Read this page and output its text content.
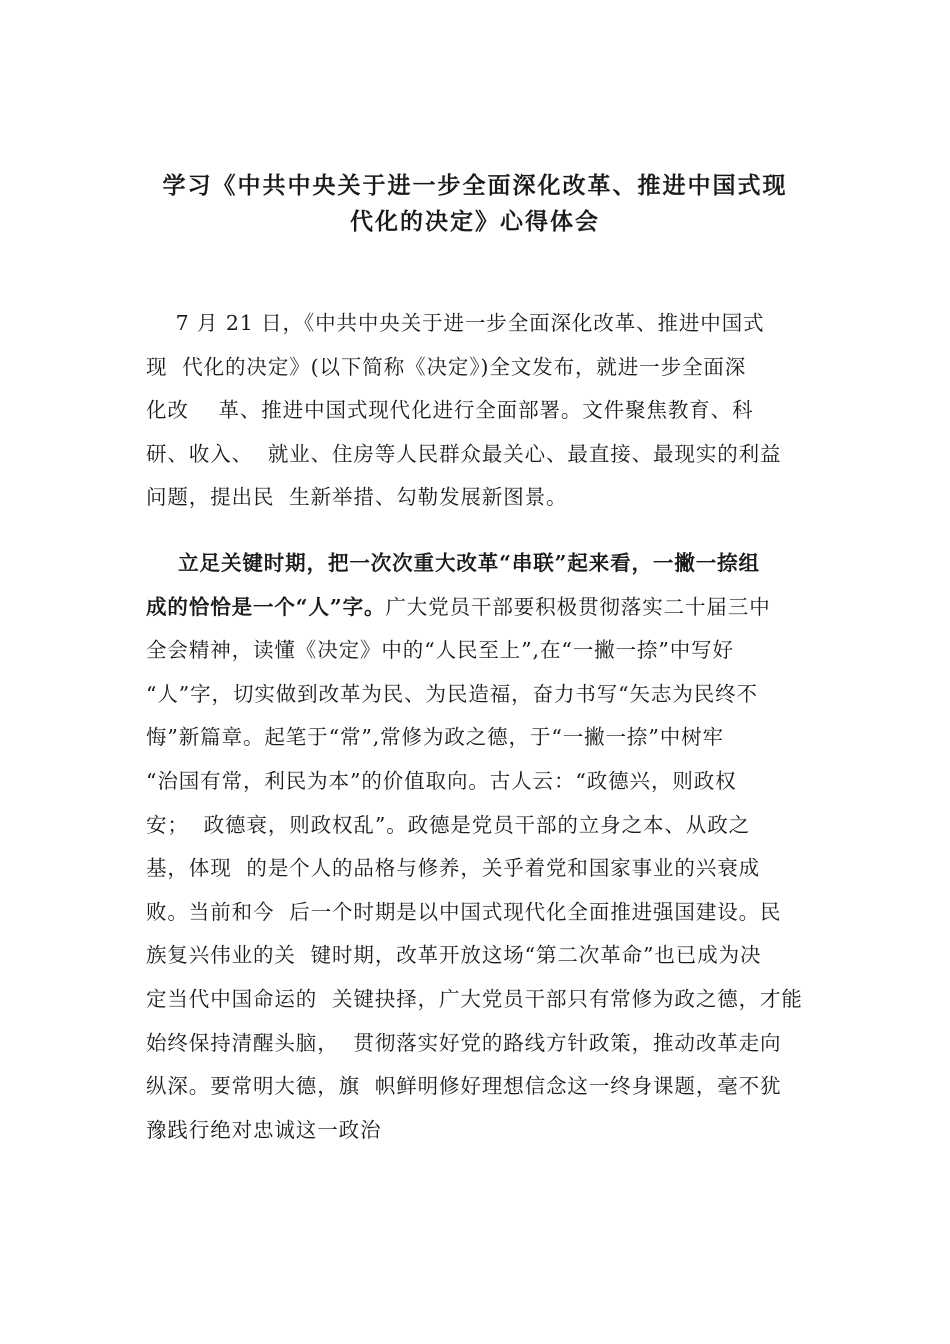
学习《中共中央关于进一步全面深化改革、推进中国式现
代化的决定》心得体会
7 月 21 日，《中共中央关于进一步全面深化改革、推进中国式
现  代化的决定》(以下简称《决定》)全文发布，就进一步全面深
化改    革、推进中国式现代化进行全面部署。文件聚焦教育、科
研、收入、  就业、住房等人民群众最关心、最直接、最现实的利益
问题，提出民  生新举措、勾勒发展新图景。
立足关键时期，把一次次重大改革“串联”起来看，一撇一捺组
成的恰恰是一个“人”字。广大党员干部要积极贯彻落实二十届三中
全会精神，读懂《决定》中的“人民至上”,在“一撇一捺”中写好
“人”字，切实做到改革为民、为民造福，奋力书写“矢志为民终不
悔”新篇章。起笔于“常”,常修为政之德，于“一撇一捺”中树牢
“治国有常，利民为本”的价值取向。古人云：“政德兴，则政权
安；  政德衰，则政权乱”。政德是党员干部的立身之本、从政之
基，体现  的是个人的品格与修养，关乎着党和国家事业的兴衰成
败。当前和今  后一个时期是以中国式现代化全面推进强国建设。民
族复兴伟业的关  键时期，改革开放这场“第二次革命”也已成为决
定当代中国命运的  关键抉择，广大党员干部只有常修为政之德，才能
始终保持清醒头脑，  贯彻落实好党的路线方针政策，推动改革走向
纵深。要常明大德，旗  帜鲜明修好理想信念这一终身课题，毫不犹
豫践行绝对忠诚这一政治
